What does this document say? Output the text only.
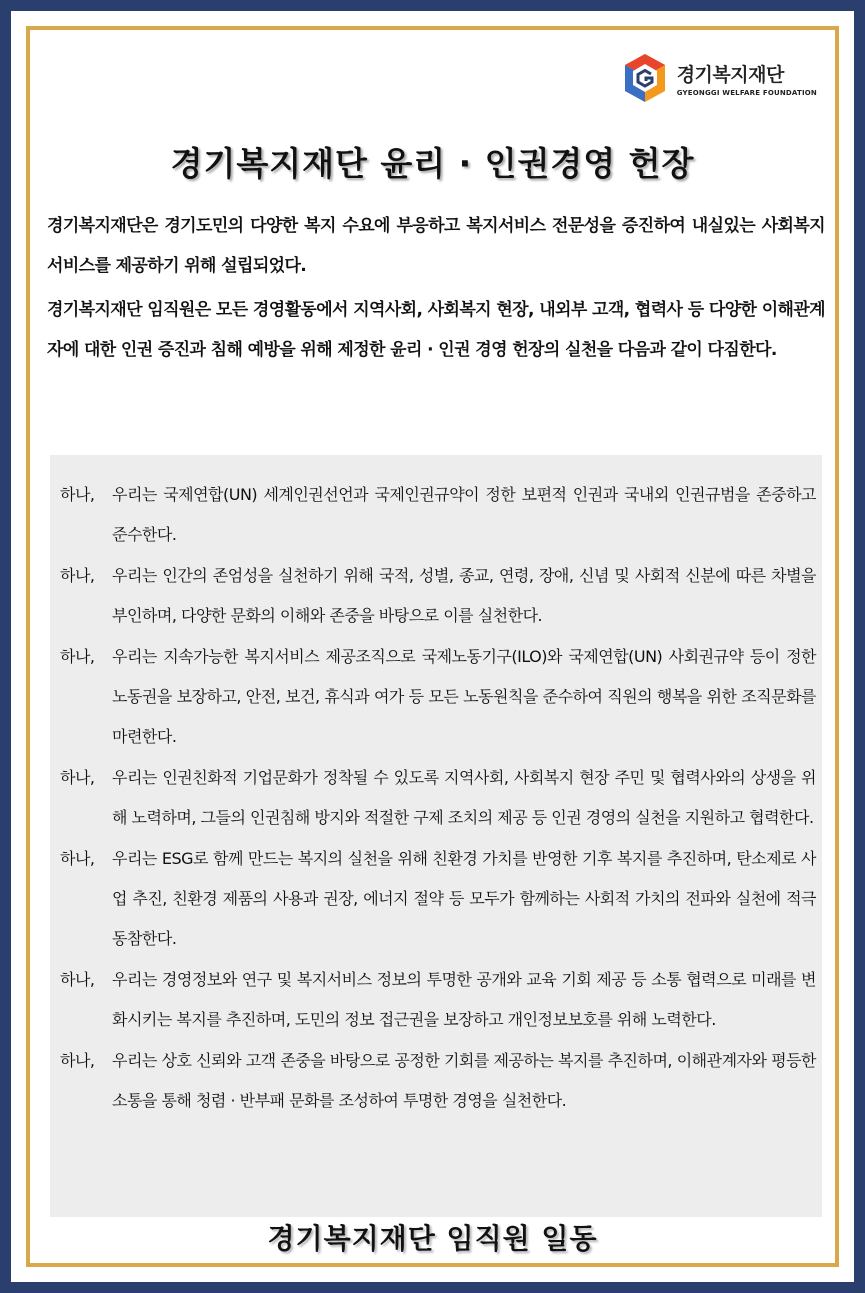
경기복지재단
GYEONGGI WELFARE FOUNDATION
경기복지재단 윤리 · 인권경영 헌장

경기복지재단은 경기도민의 다양한 복지 수요에 부응하고 복지서비스 전문성을 증진하여 내실있는 사회복지서비스를 제공하기 위해 설립되었다.

경기복지재단 임직원은 모든 경영활동에서 지역사회, 사회복지 현장, 내외부 고객, 협력사 등 다양한 이해관계자에 대한 인권 증진과 침해 예방을 위해 제정한 윤리 · 인권 경영 헌장의 실천을 다음과 같이 다짐한다.

하나,	우리는 국제연합(UN) 세계인권선언과 국제인권규약이 정한 보편적 인권과 국내외 인권규범을 존중하고 준수한다.
하나,	우리는 인간의 존엄성을 실천하기 위해 국적, 성별, 종교, 연령, 장애, 신념 및 사회적 신분에 따른 차별을 부인하며, 다양한 문화의 이해와 존중을 바탕으로 이를 실천한다.
하나,	우리는 지속가능한 복지서비스 제공조직으로 국제노동기구(ILO)와 국제연합(UN) 사회권규약 등이 정한 노동권을 보장하고, 안전, 보건, 휴식과 여가 등 모든 노동원칙을 준수하여 직원의 행복을 위한 조직문화를 마련한다.
하나,	우리는 인권친화적 기업문화가 정착될 수 있도록 지역사회, 사회복지 현장 주민 및 협력사와의 상생을 위해 노력하며, 그들의 인권침해 방지와 적절한 구제 조치의 제공 등 인권 경영의 실천을 지원하고 협력한다.
하나,	우리는 ESG로 함께 만드는 복지의 실천을 위해 친환경 가치를 반영한 기후 복지를 추진하며, 탄소제로 사업 추진, 친환경 제품의 사용과 권장, 에너지 절약 등 모두가 함께하는 사회적 가치의 전파와 실천에 적극 동참한다.
하나,	우리는 경영정보와 연구 및 복지서비스 정보의 투명한 공개와 교육 기회 제공 등 소통 협력으로 미래를 변화시키는 복지를 추진하며, 도민의 정보 접근권을 보장하고 개인정보보호를 위해 노력한다.
하나,	우리는 상호 신뢰와 고객 존중을 바탕으로 공정한 기회를 제공하는 복지를 추진하며, 이해관계자와 평등한 소통을 통해 청렴 · 반부패 문화를 조성하여 투명한 경영을 실천한다.
경기복지재단 임직원 일동
